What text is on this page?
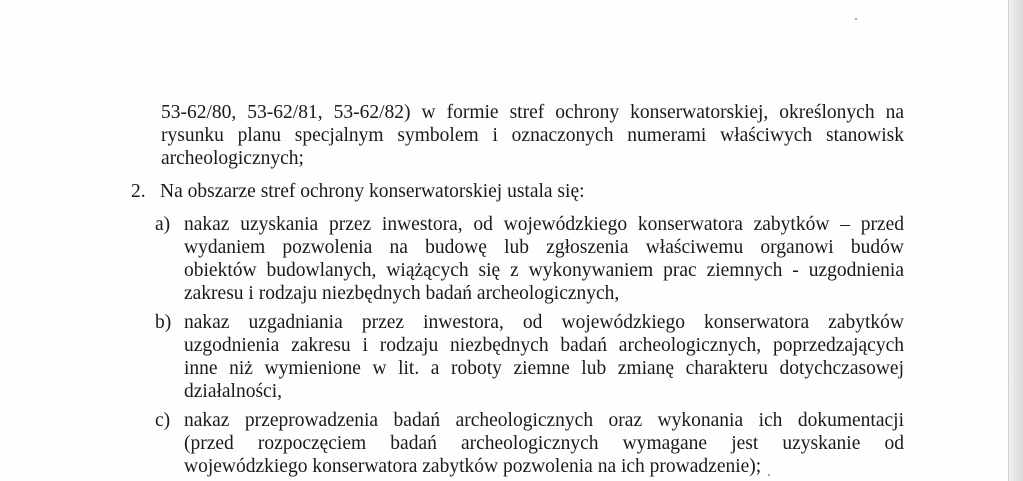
53-62/80, 53-62/81, 53-62/82) w formie stref ochrony konserwatorskiej, określonych na

rysunku planu specjalnym symbolem i oznaczonych numerami właściwych stanowisk

archeologicznych;

2. Na obszarze stref ochrony konserwatorskiej ustala się:

a) nakaz uzyskania przez inwestora, od wojewódzkiego konserwatora zabytków – przed

wydaniem pozwolenia na budowę lub zgłoszenia właściwemu organowi budów

obiektów budowlanych, wiążących się z wykonywaniem prac ziemnych - uzgodnienia

zakresu i rodzaju niezbędnych badań archeologicznych,

b) nakaz uzgadniania przez inwestora, od wojewódzkiego konserwatora zabytków

uzgodnienia zakresu i rodzaju niezbędnych badań archeologicznych, poprzedzających

inne niż wymienione w lit. a roboty ziemne lub zmianę charakteru dotychczasowej

działalności,

c) nakaz przeprowadzenia badań archeologicznych oraz wykonania ich dokumentacji

(przed rozpoczęciem badań archeologicznych wymagane jest uzyskanie od

wojewódzkiego konserwatora zabytków pozwolenia na ich prowadzenie);
